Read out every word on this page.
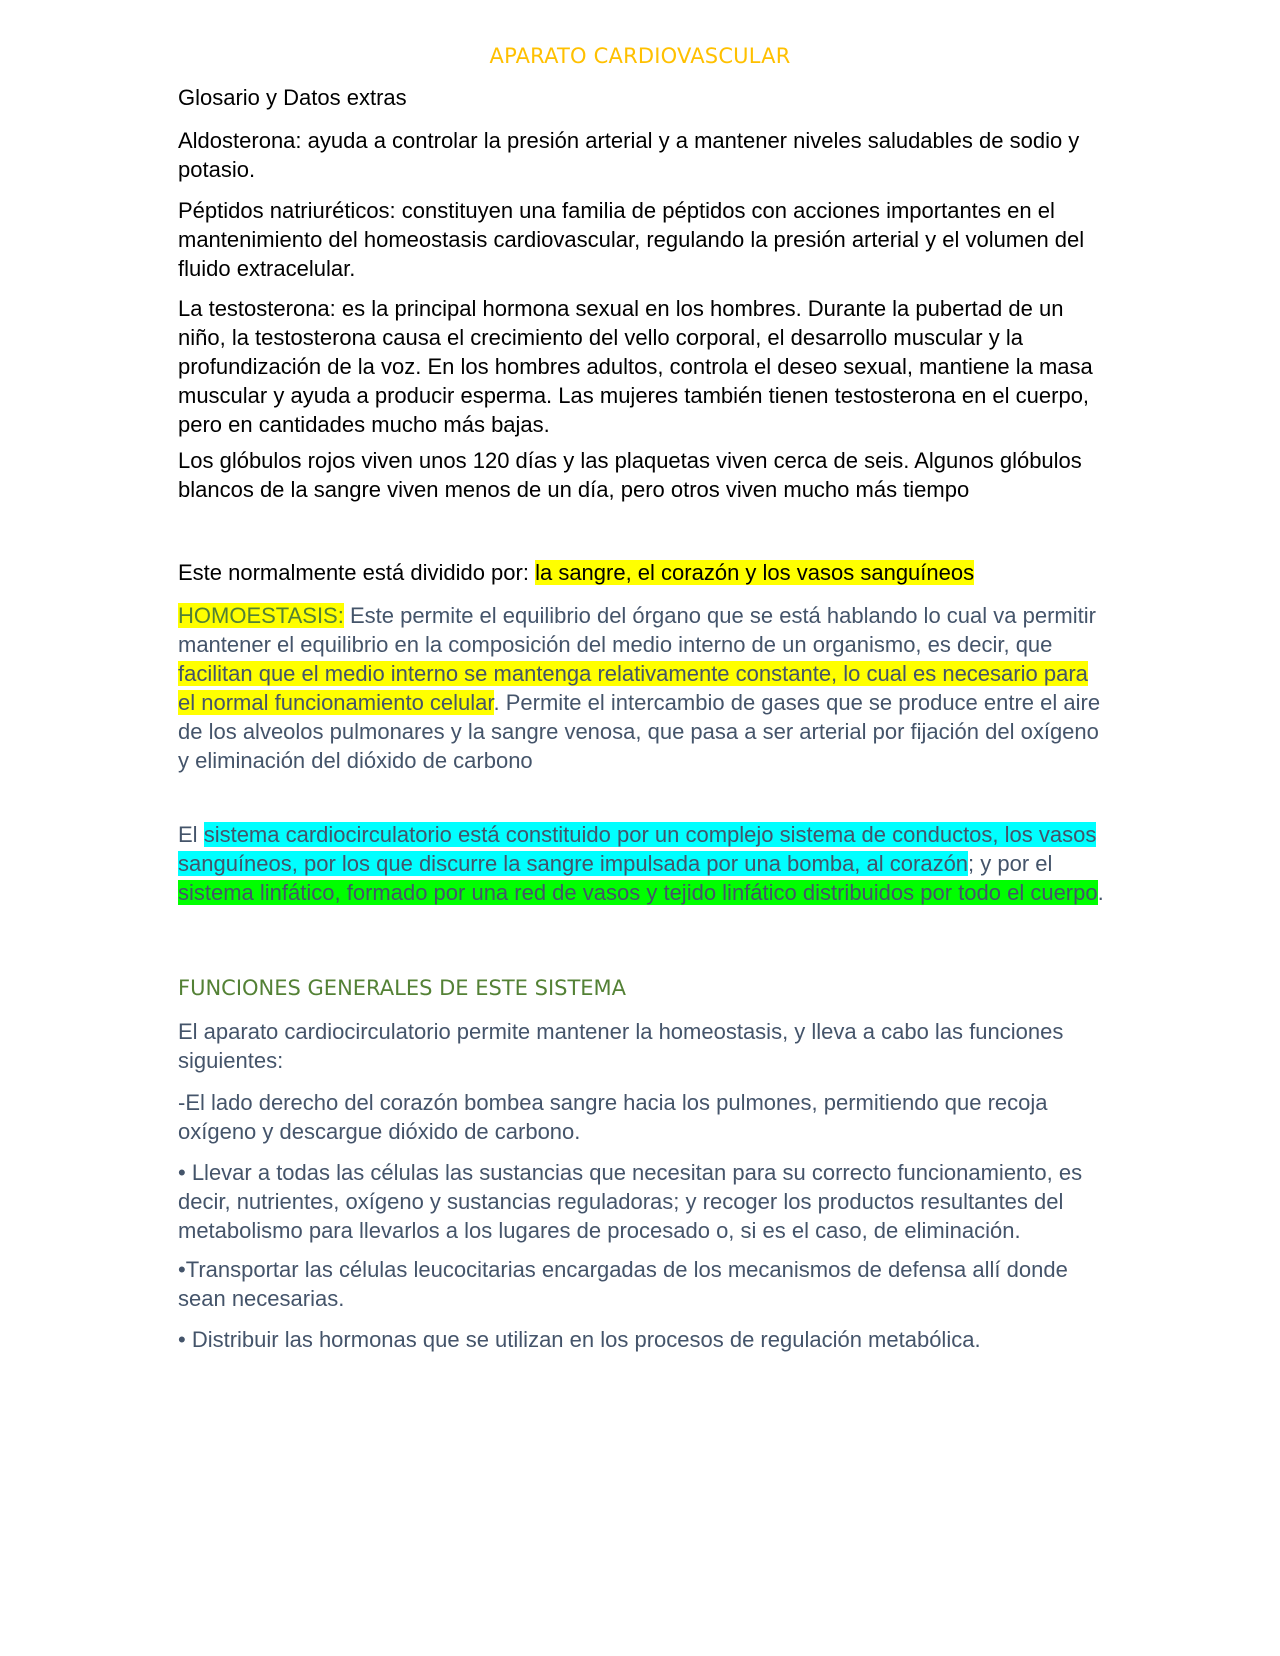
APARATO CARDIOVASCULAR

Glosario y Datos extras

Aldosterona: ayuda a controlar la presión arterial y a mantener niveles saludables de sodio y potasio.

Péptidos natriuréticos: constituyen una familia de péptidos con acciones importantes en el mantenimiento del homeostasis cardiovascular, regulando la presión arterial y el volumen del fluido extracelular.

La testosterona: es la principal hormona sexual en los hombres. Durante la pubertad de un niño, la testosterona causa el crecimiento del vello corporal, el desarrollo muscular y la profundización de la voz. En los hombres adultos, controla el deseo sexual, mantiene la masa muscular y ayuda a producir esperma. Las mujeres también tienen testosterona en el cuerpo, pero en cantidades mucho más bajas.

Los glóbulos rojos viven unos 120 días y las plaquetas viven cerca de seis. Algunos glóbulos blancos de la sangre viven menos de un día, pero otros viven mucho más tiempo

Este normalmente está dividido por: la sangre, el corazón y los vasos sanguíneos

HOMOESTASIS: Este permite el equilibrio del órgano que se está hablando lo cual va permitir mantener el equilibrio en la composición del medio interno de un organismo, es decir, que facilitan que el medio interno se mantenga relativamente constante, lo cual es necesario para el normal funcionamiento celular. Permite el intercambio de gases que se produce entre el aire de los alveolos pulmonares y la sangre venosa, que pasa a ser arterial por fijación del oxígeno y eliminación del dióxido de carbono

El sistema cardiocirculatorio está constituido por un complejo sistema de conductos, los vasos sanguíneos, por los que discurre la sangre impulsada por una bomba, al corazón; y por el sistema linfático, formado por una red de vasos y tejido linfático distribuidos por todo el cuerpo.

FUNCIONES GENERALES DE ESTE SISTEMA

El aparato cardiocirculatorio permite mantener la homeostasis, y lleva a cabo las funciones siguientes:

-El lado derecho del corazón bombea sangre hacia los pulmones, permitiendo que recoja oxígeno y descargue dióxido de carbono.

• Llevar a todas las células las sustancias que necesitan para su correcto funcionamiento, es decir, nutrientes, oxígeno y sustancias reguladoras; y recoger los productos resultantes del metabolismo para llevarlos a los lugares de procesado o, si es el caso, de eliminación.

•Transportar las células leucocitarias encargadas de los mecanismos de defensa allí donde sean necesarias.

• Distribuir las hormonas que se utilizan en los procesos de regulación metabólica.
